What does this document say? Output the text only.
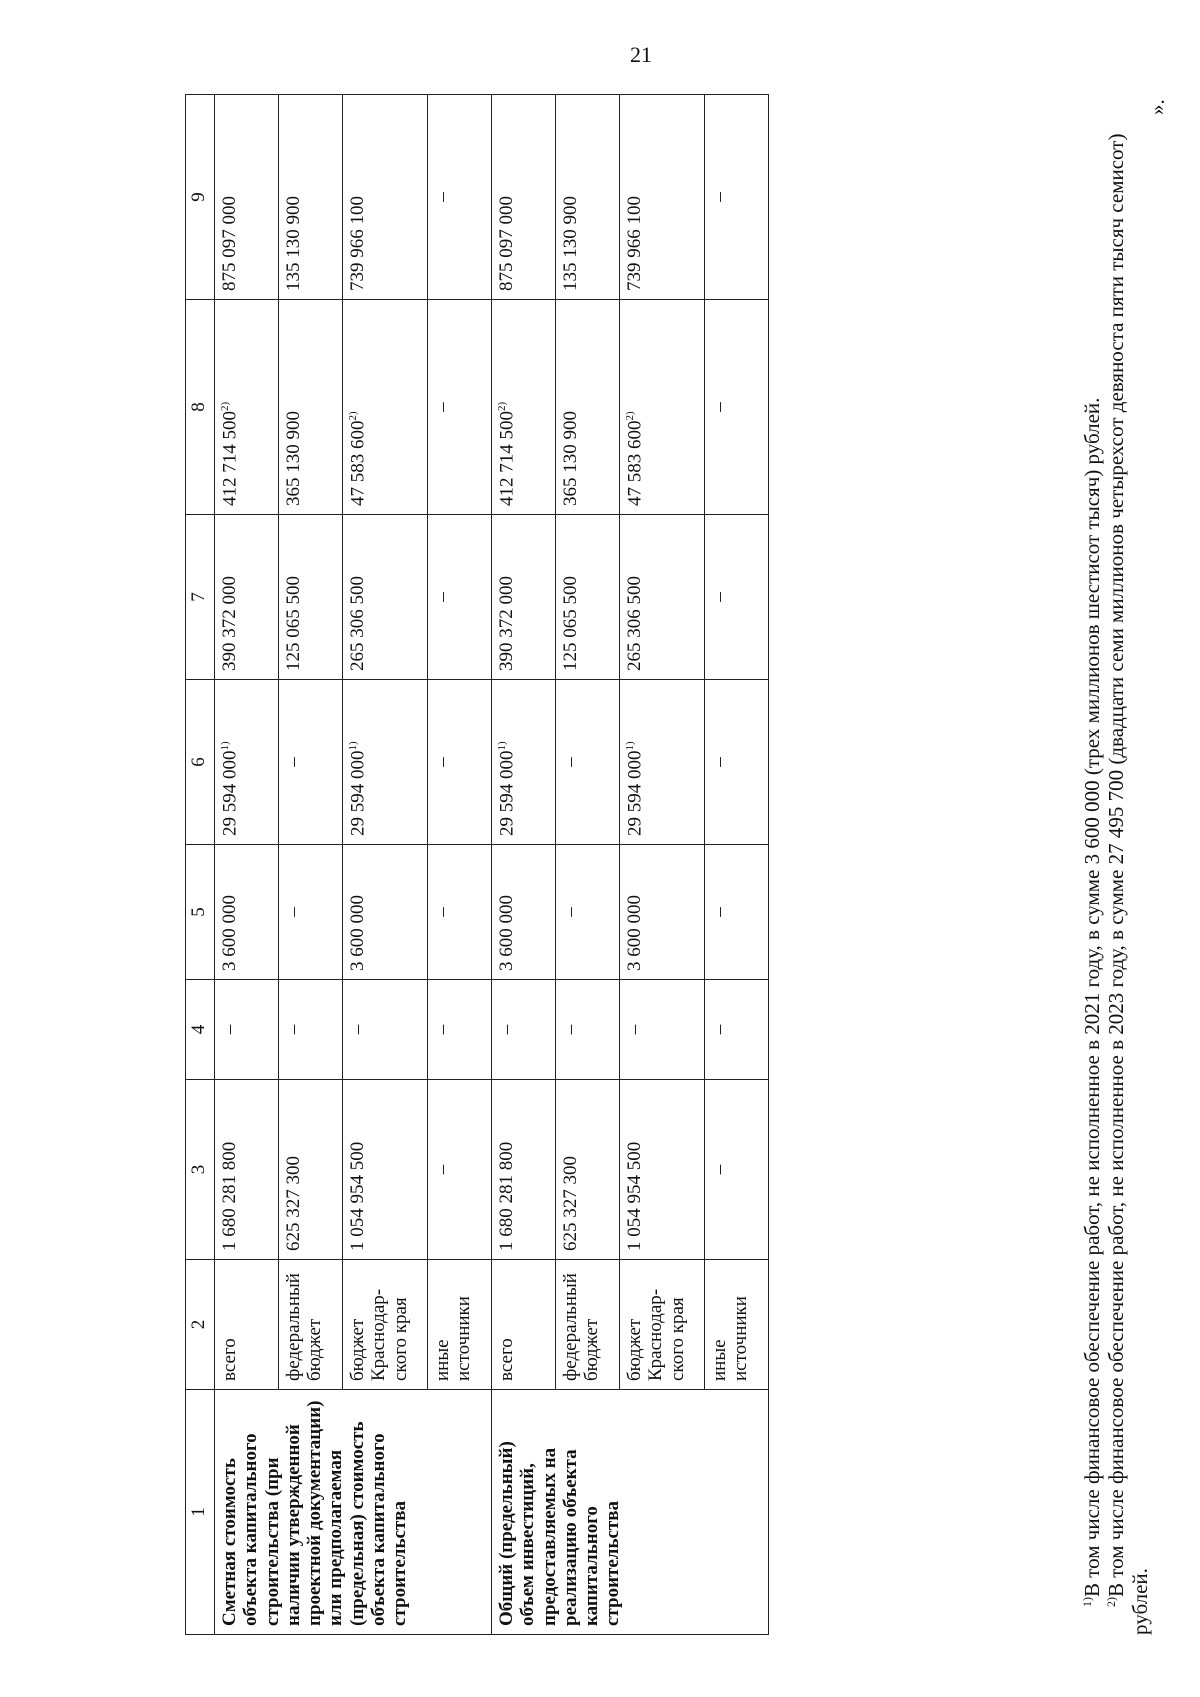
21
1	2	3	4	5	6	7	8	9
Сметная стоимость объекта капитального строительства (при наличии утвержденной проектной документации) или предполагаемая (предельная) стоимость объекта капитального строительства	всего	1 680 281 800	–	3 600 000	29 594 000$^{1)}$	390 372 000	412 714 500$^{2)}$	875 097 000
	федеральный бюджет	625 327 300	–	–	–	125 065 500	365 130 900	135 130 900
	бюджет Краснодар-ского края	1 054 954 500	–	3 600 000	29 594 000$^{1)}$	265 306 500	47 583 600$^{2)}$	739 966 100
	иные источники	–	–	–	–	–	–	–
Общий (предельный) объем инвестиций, предоставляемых на реализацию объекта капитального строительства	всего	1 680 281 800	–	3 600 000	29 594 000$^{1)}$	390 372 000	412 714 500$^{2)}$	875 097 000
	федеральный бюджет	625 327 300	–	–	–	125 065 500	365 130 900	135 130 900
	бюджет Краснодар-ского края	1 054 954 500	–	3 600 000	29 594 000$^{1)}$	265 306 500	47 583 600$^{2)}$	739 966 100
	иные источники	–	–	–	–	–	–	–

$^{1)}$В том числе финансовое обеспечение работ, не исполненное в 2021 году, в сумме 3 600 000 (трех миллионов шестисот тысяч) рублей.

$^{2)}$В том числе финансовое обеспечение работ, не исполненное в 2023 году, в сумме 27 495 700 (двадцати семи миллионов четырехсот девяноста пяти тысяч семисот) рублей.

».
